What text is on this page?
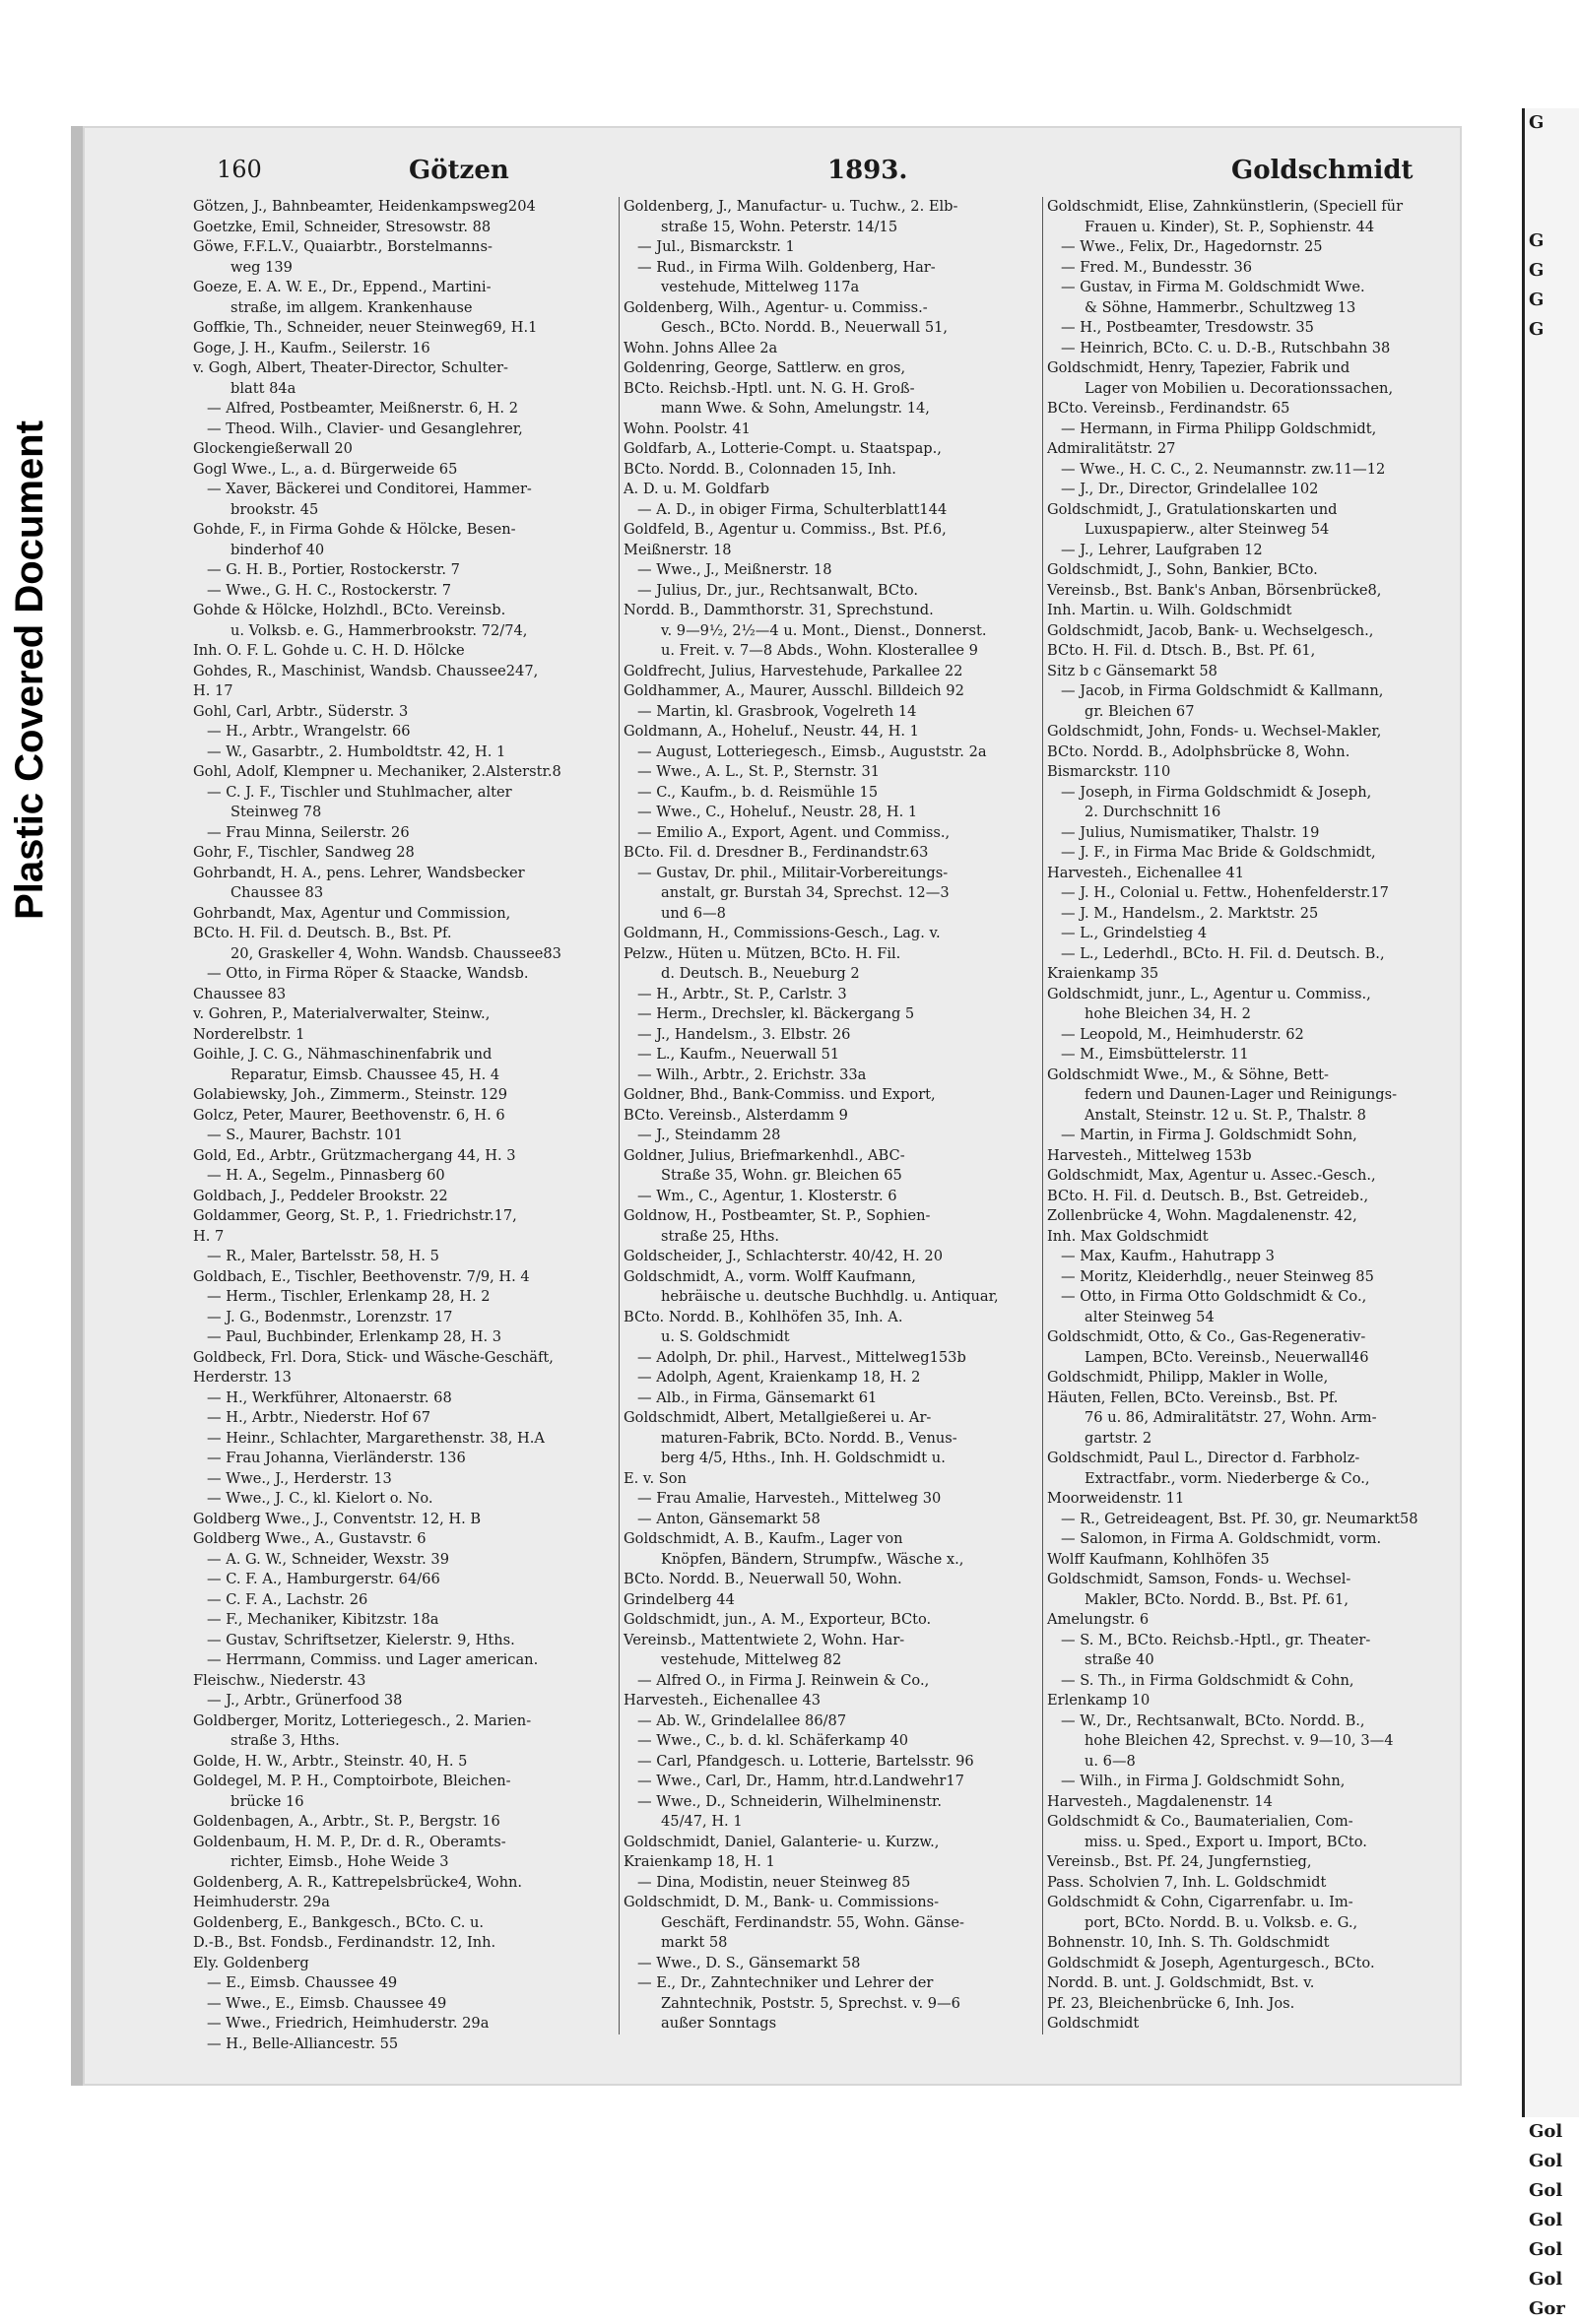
Plastic Covered Document
G

G
G
G
G

Gol
Gol
Gol
Gol
Gol
Gol
Gor
160	Götzen	1893.	Goldschmidt

Götzen, J., Bahnbeamter, Heidenkampsweg204

Goetzke, Emil, Schneider, Stresowstr. 88

Göwe, F.F.L.V., Quaiarbtr., Borstelmanns-

weg 139

Goeze, E. A. W. E., Dr., Eppend., Martini-

straße, im allgem. Krankenhause

Goffkie, Th., Schneider, neuer Steinweg69, H.1

Goge, J. H., Kaufm., Seilerstr. 16

v. Gogh, Albert, Theater-Director, Schulter-

blatt 84a

— Alfred, Postbeamter, Meißnerstr. 6, H. 2

— Theod. Wilh., Clavier- und Gesanglehrer,

Glockengießerwall 20

Gogl Wwe., L., a. d. Bürgerweide 65

— Xaver, Bäckerei und Conditorei, Hammer-

brookstr. 45

Gohde, F., in Firma Gohde & Hölcke, Besen-

binderhof 40

— G. H. B., Portier, Rostockerstr. 7

— Wwe., G. H. C., Rostockerstr. 7

Gohde & Hölcke, Holzhdl., BCto. Vereinsb.

u. Volksb. e. G., Hammerbrookstr. 72/74,

Inh. O. F. L. Gohde u. C. H. D. Hölcke

Gohdes, R., Maschinist, Wandsb. Chaussee247,

H. 17

Gohl, Carl, Arbtr., Süderstr. 3

— H., Arbtr., Wrangelstr. 66

— W., Gasarbtr., 2. Humboldtstr. 42, H. 1

Gohl, Adolf, Klempner u. Mechaniker, 2.Alsterstr.8

— C. J. F., Tischler und Stuhlmacher, alter

Steinweg 78

— Frau Minna, Seilerstr. 26

Gohr, F., Tischler, Sandweg 28

Gohrbandt, H. A., pens. Lehrer, Wandsbecker

Chaussee 83

Gohrbandt, Max, Agentur und Commission,

BCto. H. Fil. d. Deutsch. B., Bst. Pf.

20, Graskeller 4, Wohn. Wandsb. Chaussee83

— Otto, in Firma Röper & Staacke, Wandsb.

Chaussee 83

v. Gohren, P., Materialverwalter, Steinw.,

Norderelbstr. 1

Goihle, J. C. G., Nähmaschinenfabrik und

Reparatur, Eimsb. Chaussee 45, H. 4

Golabiewsky, Joh., Zimmerm., Steinstr. 129

Golcz, Peter, Maurer, Beethovenstr. 6, H. 6

— S., Maurer, Bachstr. 101

Gold, Ed., Arbtr., Grützmachergang 44, H. 3

— H. A., Segelm., Pinnasberg 60

Goldbach, J., Peddeler Brookstr. 22

Goldammer, Georg, St. P., 1. Friedrichstr.17,

H. 7

— R., Maler, Bartelsstr. 58, H. 5

Goldbach, E., Tischler, Beethovenstr. 7/9, H. 4

— Herm., Tischler, Erlenkamp 28, H. 2

— J. G., Bodenmstr., Lorenzstr. 17

— Paul, Buchbinder, Erlenkamp 28, H. 3

Goldbeck, Frl. Dora, Stick- und Wäsche-Geschäft,

Herderstr. 13

— H., Werkführer, Altonaerstr. 68

— H., Arbtr., Niederstr. Hof 67

— Heinr., Schlachter, Margarethenstr. 38, H.A

— Frau Johanna, Vierländerstr. 136

— Wwe., J., Herderstr. 13

— Wwe., J. C., kl. Kielort o. No.

Goldberg Wwe., J., Conventstr. 12, H. B

Goldberg Wwe., A., Gustavstr. 6

— A. G. W., Schneider, Wexstr. 39

— C. F. A., Hamburgerstr. 64/66

— C. F. A., Lachstr. 26

— F., Mechaniker, Kibitzstr. 18a

— Gustav, Schriftsetzer, Kielerstr. 9, Hths.

— Herrmann, Commiss. und Lager american.

Fleischw., Niederstr. 43

— J., Arbtr., Grünerfood 38

Goldberger, Moritz, Lotteriegesch., 2. Marien-

straße 3, Hths.

Golde, H. W., Arbtr., Steinstr. 40, H. 5

Goldegel, M. P. H., Comptoirbote, Bleichen-

brücke 16

Goldenbagen, A., Arbtr., St. P., Bergstr. 16

Goldenbaum, H. M. P., Dr. d. R., Oberamts-

richter, Eimsb., Hohe Weide 3

Goldenberg, A. R., Kattrepelsbrücke4, Wohn.

Heimhuderstr. 29a

Goldenberg, E., Bankgesch., BCto. C. u.

D.-B., Bst. Fondsb., Ferdinandstr. 12, Inh.

Ely. Goldenberg

— E., Eimsb. Chaussee 49

— Wwe., E., Eimsb. Chaussee 49

— Wwe., Friedrich, Heimhuderstr. 29a

— H., Belle-Alliancestr. 55

Goldenberg, J., Manufactur- u. Tuchw., 2. Elb-

straße 15, Wohn. Peterstr. 14/15

— Jul., Bismarckstr. 1

— Rud., in Firma Wilh. Goldenberg, Har-

vestehude, Mittelweg 117a

Goldenberg, Wilh., Agentur- u. Commiss.-

Gesch., BCto. Nordd. B., Neuerwall 51,

Wohn. Johns Allee 2a

Goldenring, George, Sattlerw. en gros,

BCto. Reichsb.-Hptl. unt. N. G. H. Groß-

mann Wwe. & Sohn, Amelungstr. 14,

Wohn. Poolstr. 41

Goldfarb, A., Lotterie-Compt. u. Staatspap.,

BCto. Nordd. B., Colonnaden 15, Inh.

A. D. u. M. Goldfarb

— A. D., in obiger Firma, Schulterblatt144

Goldfeld, B., Agentur u. Commiss., Bst. Pf.6,

Meißnerstr. 18

— Wwe., J., Meißnerstr. 18

— Julius, Dr., jur., Rechtsanwalt, BCto.

Nordd. B., Dammthorstr. 31, Sprechstund.

v. 9—9½, 2½—4 u. Mont., Dienst., Donnerst.

u. Freit. v. 7—8 Abds., Wohn. Klosterallee 9

Goldfrecht, Julius, Harvestehude, Parkallee 22

Goldhammer, A., Maurer, Ausschl. Billdeich 92

— Martin, kl. Grasbrook, Vogelreth 14

Goldmann, A., Hoheluf., Neustr. 44, H. 1

— August, Lotteriegesch., Eimsb., Auguststr. 2a

— Wwe., A. L., St. P., Sternstr. 31

— C., Kaufm., b. d. Reismühle 15

— Wwe., C., Hoheluf., Neustr. 28, H. 1

— Emilio A., Export, Agent. und Commiss.,

BCto. Fil. d. Dresdner B., Ferdinandstr.63

— Gustav, Dr. phil., Militair-Vorbereitungs-

anstalt, gr. Burstah 34, Sprechst. 12—3

und 6—8

Goldmann, H., Commissions-Gesch., Lag. v.

Pelzw., Hüten u. Mützen, BCto. H. Fil.

d. Deutsch. B., Neueburg 2

— H., Arbtr., St. P., Carlstr. 3

— Herm., Drechsler, kl. Bäckergang 5

— J., Handelsm., 3. Elbstr. 26

— L., Kaufm., Neuerwall 51

— Wilh., Arbtr., 2. Erichstr. 33a

Goldner, Bhd., Bank-Commiss. und Export,

BCto. Vereinsb., Alsterdamm 9

— J., Steindamm 28

Goldner, Julius, Briefmarkenhdl., ABC-

Straße 35, Wohn. gr. Bleichen 65

— Wm., C., Agentur, 1. Klosterstr. 6

Goldnow, H., Postbeamter, St. P., Sophien-

straße 25, Hths.

Goldscheider, J., Schlachterstr. 40/42, H. 20

Goldschmidt, A., vorm. Wolff Kaufmann,

hebräische u. deutsche Buchhdlg. u. Antiquar,

BCto. Nordd. B., Kohlhöfen 35, Inh. A.

u. S. Goldschmidt

— Adolph, Dr. phil., Harvest., Mittelweg153b

— Adolph, Agent, Kraienkamp 18, H. 2

— Alb., in Firma, Gänsemarkt 61

Goldschmidt, Albert, Metallgießerei u. Ar-

maturen-Fabrik, BCto. Nordd. B., Venus-

berg 4/5, Hths., Inh. H. Goldschmidt u.

E. v. Son

— Frau Amalie, Harvesteh., Mittelweg 30

— Anton, Gänsemarkt 58

Goldschmidt, A. B., Kaufm., Lager von

Knöpfen, Bändern, Strumpfw., Wäsche x.,

BCto. Nordd. B., Neuerwall 50, Wohn.

Grindelberg 44

Goldschmidt, jun., A. M., Exporteur, BCto.

Vereinsb., Mattentwiete 2, Wohn. Har-

vestehude, Mittelweg 82

— Alfred O., in Firma J. Reinwein & Co.,

Harvesteh., Eichenallee 43

— Ab. W., Grindelallee 86/87

— Wwe., C., b. d. kl. Schäferkamp 40

— Carl, Pfandgesch. u. Lotterie, Bartelsstr. 96

— Wwe., Carl, Dr., Hamm, htr.d.Landwehr17

— Wwe., D., Schneiderin, Wilhelminenstr.

45/47, H. 1

Goldschmidt, Daniel, Galanterie- u. Kurzw.,

Kraienkamp 18, H. 1

— Dina, Modistin, neuer Steinweg 85

Goldschmidt, D. M., Bank- u. Commissions-

Geschäft, Ferdinandstr. 55, Wohn. Gänse-

markt 58

— Wwe., D. S., Gänsemarkt 58

— E., Dr., Zahntechniker und Lehrer der

Zahntechnik, Poststr. 5, Sprechst. v. 9—6

außer Sonntags

Goldschmidt, Elise, Zahnkünstlerin, (Speciell für

Frauen u. Kinder), St. P., Sophienstr. 44

— Wwe., Felix, Dr., Hagedornstr. 25

— Fred. M., Bundesstr. 36

— Gustav, in Firma M. Goldschmidt Wwe.

& Söhne, Hammerbr., Schultzweg 13

— H., Postbeamter, Tresdowstr. 35

— Heinrich, BCto. C. u. D.-B., Rutschbahn 38

Goldschmidt, Henry, Tapezier, Fabrik und

Lager von Mobilien u. Decorationssachen,

BCto. Vereinsb., Ferdinandstr. 65

— Hermann, in Firma Philipp Goldschmidt,

Admiralitätstr. 27

— Wwe., H. C. C., 2. Neumannstr. zw.11—12

— J., Dr., Director, Grindelallee 102

Goldschmidt, J., Gratulationskarten und

Luxuspapierw., alter Steinweg 54

— J., Lehrer, Laufgraben 12

Goldschmidt, J., Sohn, Bankier, BCto.

Vereinsb., Bst. Bank's Anban, Börsenbrücke8,

Inh. Martin. u. Wilh. Goldschmidt

Goldschmidt, Jacob, Bank- u. Wechselgesch.,

BCto. H. Fil. d. Dtsch. B., Bst. Pf. 61,

Sitz b c Gänsemarkt 58

— Jacob, in Firma Goldschmidt & Kallmann,

gr. Bleichen 67

Goldschmidt, John, Fonds- u. Wechsel-Makler,

BCto. Nordd. B., Adolphsbrücke 8, Wohn.

Bismarckstr. 110

— Joseph, in Firma Goldschmidt & Joseph,

2. Durchschnitt 16

— Julius, Numismatiker, Thalstr. 19

— J. F., in Firma Mac Bride & Goldschmidt,

Harvesteh., Eichenallee 41

— J. H., Colonial u. Fettw., Hohenfelderstr.17

— J. M., Handelsm., 2. Marktstr. 25

— L., Grindelstieg 4

— L., Lederhdl., BCto. H. Fil. d. Deutsch. B.,

Kraienkamp 35

Goldschmidt, junr., L., Agentur u. Commiss.,

hohe Bleichen 34, H. 2

— Leopold, M., Heimhuderstr. 62

— M., Eimsbüttelerstr. 11

Goldschmidt Wwe., M., & Söhne, Bett-

federn und Daunen-Lager und Reinigungs-

Anstalt, Steinstr. 12 u. St. P., Thalstr. 8

— Martin, in Firma J. Goldschmidt Sohn,

Harvesteh., Mittelweg 153b

Goldschmidt, Max, Agentur u. Assec.-Gesch.,

BCto. H. Fil. d. Deutsch. B., Bst. Getreideb.,

Zollenbrücke 4, Wohn. Magdalenenstr. 42,

Inh. Max Goldschmidt

— Max, Kaufm., Hahutrapp 3

— Moritz, Kleiderhdlg., neuer Steinweg 85

— Otto, in Firma Otto Goldschmidt & Co.,

alter Steinweg 54

Goldschmidt, Otto, & Co., Gas-Regenerativ-

Lampen, BCto. Vereinsb., Neuerwall46

Goldschmidt, Philipp, Makler in Wolle,

Häuten, Fellen, BCto. Vereinsb., Bst. Pf.

76 u. 86, Admiralitätstr. 27, Wohn. Arm-

gartstr. 2

Goldschmidt, Paul L., Director d. Farbholz-

Extractfabr., vorm. Niederberge & Co.,

Moorweidenstr. 11

— R., Getreideagent, Bst. Pf. 30, gr. Neumarkt58

— Salomon, in Firma A. Goldschmidt, vorm.

Wolff Kaufmann, Kohlhöfen 35

Goldschmidt, Samson, Fonds- u. Wechsel-

Makler, BCto. Nordd. B., Bst. Pf. 61,

Amelungstr. 6

— S. M., BCto. Reichsb.-Hptl., gr. Theater-

straße 40

— S. Th., in Firma Goldschmidt & Cohn,

Erlenkamp 10

— W., Dr., Rechtsanwalt, BCto. Nordd. B.,

hohe Bleichen 42, Sprechst. v. 9—10, 3—4

u. 6—8

— Wilh., in Firma J. Goldschmidt Sohn,

Harvesteh., Magdalenenstr. 14

Goldschmidt & Co., Baumaterialien, Com-

miss. u. Sped., Export u. Import, BCto.

Vereinsb., Bst. Pf. 24, Jungfernstieg,

Pass. Scholvien 7, Inh. L. Goldschmidt

Goldschmidt & Cohn, Cigarrenfabr. u. Im-

port, BCto. Nordd. B. u. Volksb. e. G.,

Bohnenstr. 10, Inh. S. Th. Goldschmidt

Goldschmidt & Joseph, Agenturgesch., BCto.

Nordd. B. unt. J. Goldschmidt, Bst. v.

Pf. 23, Bleichenbrücke 6, Inh. Jos.

Goldschmidt
